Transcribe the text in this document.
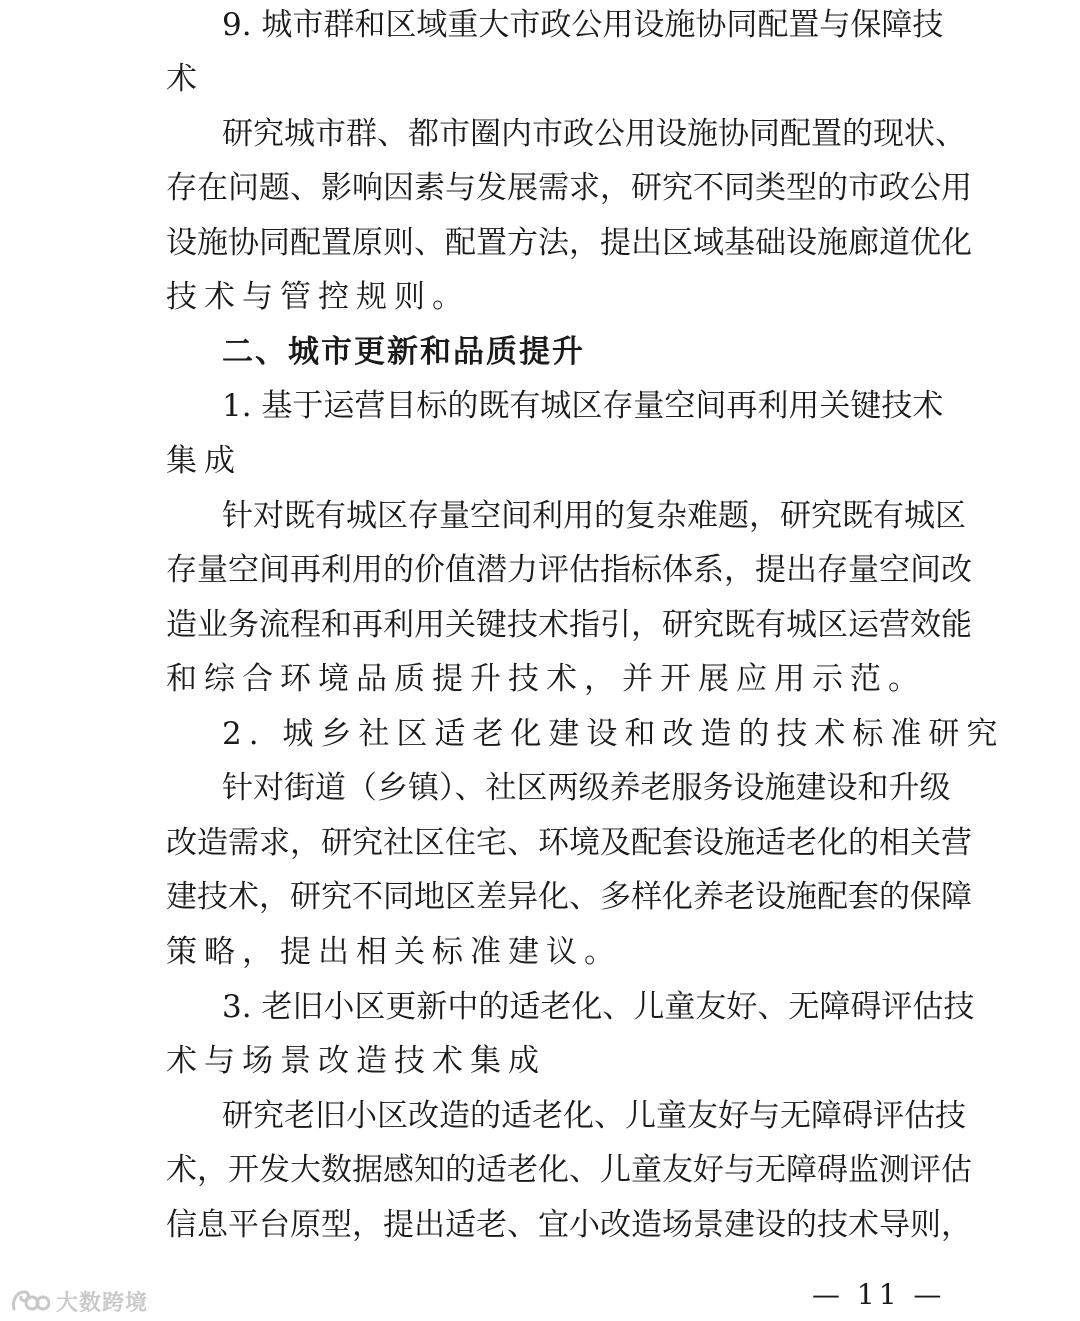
9. 城市群和区域重大市政公用设施协同配置与保障技
术
研究城市群、都市圈内市政公用设施协同配置的现状、
存在问题、影响因素与发展需求，研究不同类型的市政公用
设施协同配置原则、配置方法，提出区域基础设施廊道优化
技术与管控规则。
二、城市更新和品质提升
1. 基于运营目标的既有城区存量空间再利用关键技术
集成
针对既有城区存量空间利用的复杂难题，研究既有城区
存量空间再利用的价值潜力评估指标体系，提出存量空间改
造业务流程和再利用关键技术指引，研究既有城区运营效能
和综合环境品质提升技术，并开展应用示范。
2. 城乡社区适老化建设和改造的技术标准研究
针对街道（乡镇）、社区两级养老服务设施建设和升级
改造需求，研究社区住宅、环境及配套设施适老化的相关营
建技术，研究不同地区差异化、多样化养老设施配套的保障
策略，提出相关标准建议。
3. 老旧小区更新中的适老化、儿童友好、无障碍评估技
术与场景改造技术集成
研究老旧小区改造的适老化、儿童友好与无障碍评估技
术，开发大数据感知的适老化、儿童友好与无障碍监测评估
信息平台原型，提出适老、宜小改造场景建设的技术导则，
— 11 —
大数跨境
